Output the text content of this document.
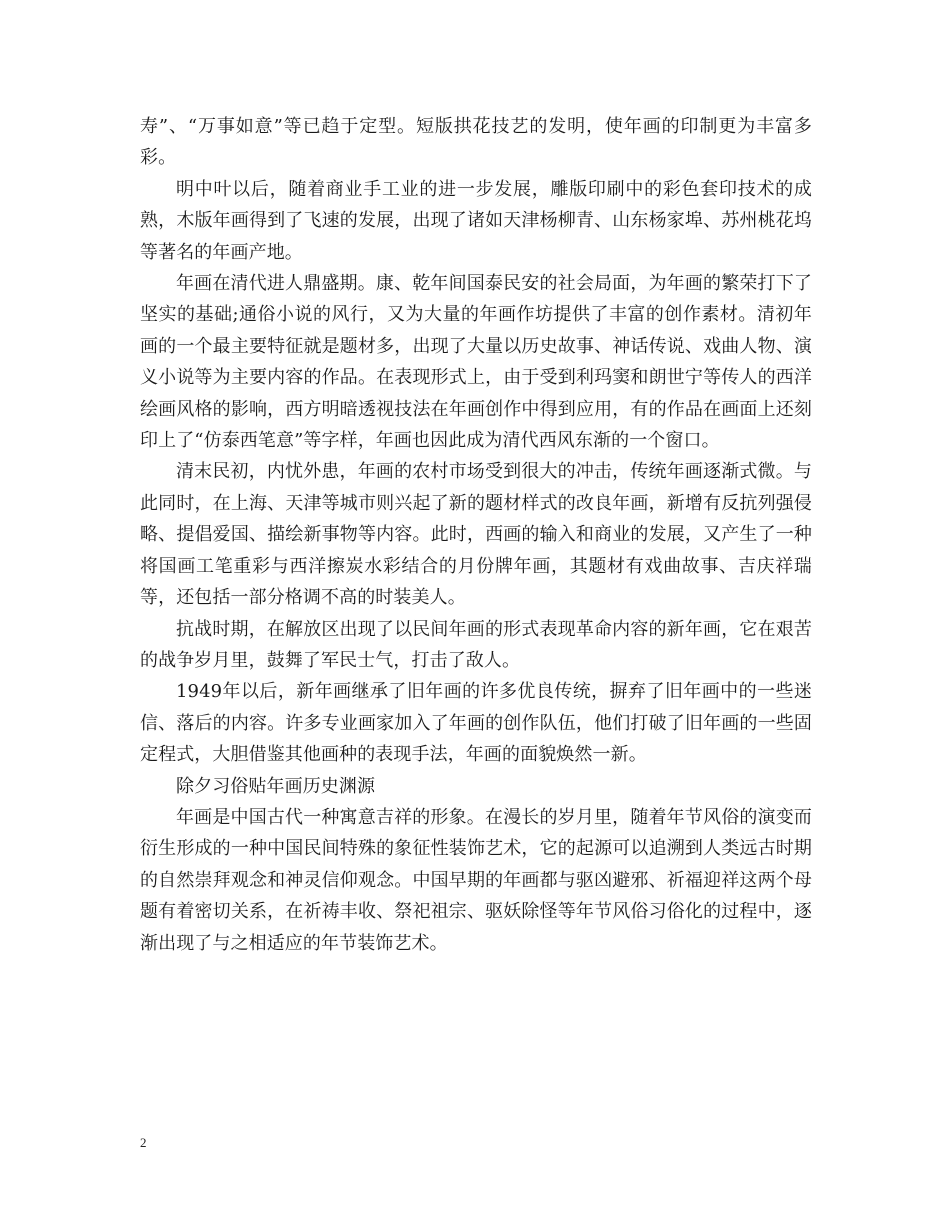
寿”、“万事如意”等已趋于定型。短版拱花技艺的发明，使年画的印制更为丰富多彩。

明中叶以后，随着商业手工业的进一步发展，雕版印刷中的彩色套印技术的成熟，木版年画得到了飞速的发展，出现了诸如天津杨柳青、山东杨家埠、苏州桃花坞等著名的年画产地。

年画在清代进人鼎盛期。康、乾年间国泰民安的社会局面，为年画的繁荣打下了坚实的基础;通俗小说的风行，又为大量的年画作坊提供了丰富的创作素材。清初年画的一个最主要特征就是题材多，出现了大量以历史故事、神话传说、戏曲人物、演义小说等为主要内容的作品。在表现形式上，由于受到利玛窦和朗世宁等传人的西洋绘画风格的影响，西方明暗透视技法在年画创作中得到应用，有的作品在画面上还刻印上了“仿泰西笔意”等字样，年画也因此成为清代西风东渐的一个窗口。

清末民初，内忧外患，年画的农村市场受到很大的冲击，传统年画逐渐式微。与此同时，在上海、天津等城市则兴起了新的题材样式的改良年画，新增有反抗列强侵略、提倡爱国、描绘新事物等内容。此时，西画的输入和商业的发展，又产生了一种将国画工笔重彩与西洋擦炭水彩结合的月份牌年画，其题材有戏曲故事、吉庆祥瑞等，还包括一部分格调不高的时装美人。

抗战时期，在解放区出现了以民间年画的形式表现革命内容的新年画，它在艰苦的战争岁月里，鼓舞了军民士气，打击了敌人。

1949年以后，新年画继承了旧年画的许多优良传统，摒弃了旧年画中的一些迷信、落后的内容。许多专业画家加入了年画的创作队伍，他们打破了旧年画的一些固定程式，大胆借鉴其他画种的表现手法，年画的面貌焕然一新。

除夕习俗贴年画历史渊源

年画是中国古代一种寓意吉祥的形象。在漫长的岁月里，随着年节风俗的演变而衍生形成的一种中国民间特殊的象征性装饰艺术，它的起源可以追溯到人类远古时期的自然崇拜观念和神灵信仰观念。中国早期的年画都与驱凶避邪、祈福迎祥这两个母题有着密切关系，在祈祷丰收、祭祀祖宗、驱妖除怪等年节风俗习俗化的过程中，逐渐出现了与之相适应的年节装饰艺术。

2
